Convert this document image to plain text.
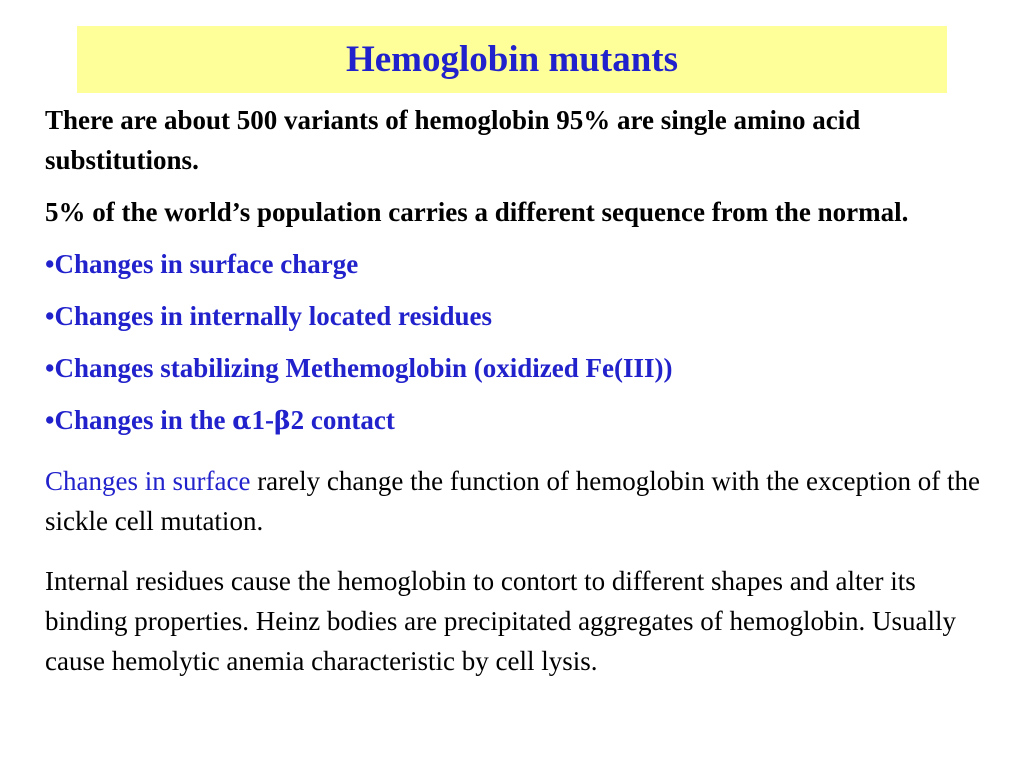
Hemoglobin mutants

There are about 500 variants of hemoglobin 95% are single amino acid substitutions.

5% of the world’s population carries a different sequence from the normal.

•Changes in surface charge

•Changes in internally located residues

•Changes stabilizing Methemoglobin (oxidized Fe(III))

•Changes in the α1-β2 contact

Changes in surface rarely change the function of hemoglobin with the exception of the sickle cell mutation.

Internal residues cause the hemoglobin to contort to different shapes and alter its binding properties. Heinz bodies are precipitated aggregates of hemoglobin. Usually cause hemolytic anemia characteristic by cell lysis.
